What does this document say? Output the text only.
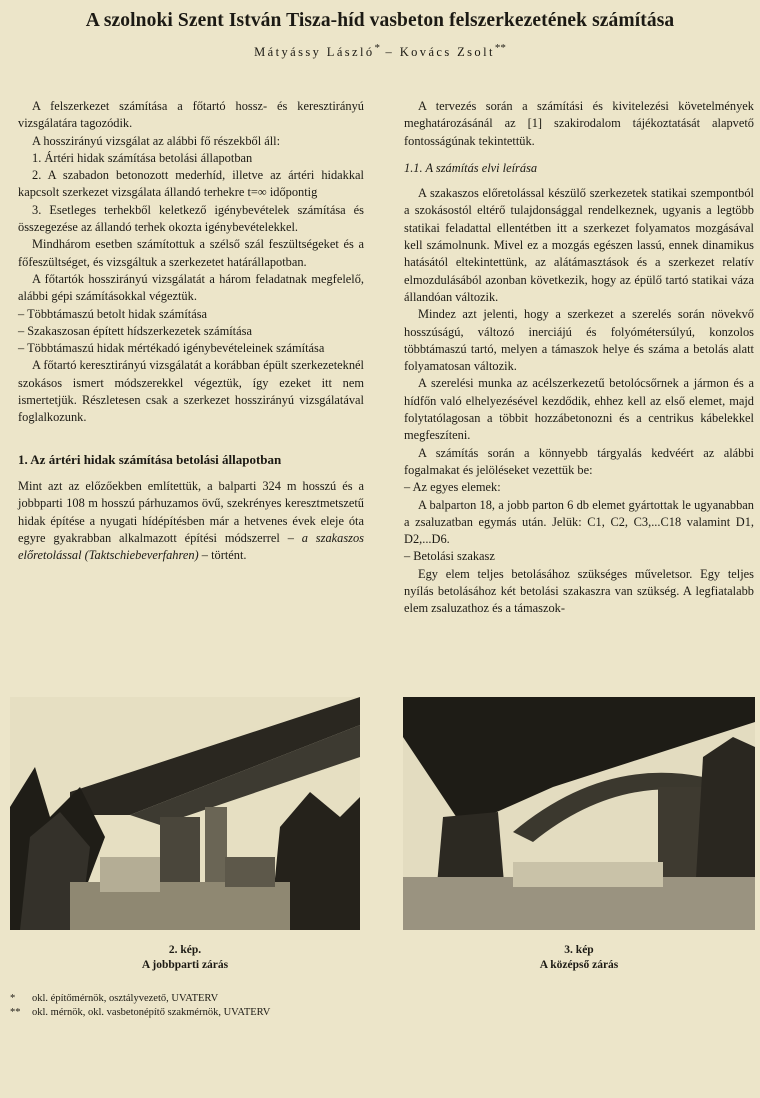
A szolnoki Szent István Tisza-híd vasbeton felszerkezetének számítása
Mátyássy László* – Kovács Zsolt**

A felszerkezet számítása a főtartó hossz- és keresztirányú vizsgálatára tagozódik.

A hosszirányú vizsgálat az alábbi fő részekből áll:

1. Ártéri hidak számítása betolási állapotban

2. A szabadon betonozott mederhíd, illetve az ártéri hidakkal kapcsolt szerkezet vizsgálata állandó terhekre t=∞ időpontig

3. Esetleges terhekből keletkező igénybevételek számítása és összegezése az állandó terhek okozta igénybevételekkel.

Mindhárom esetben számítottuk a szélső szál feszültségeket és a főfeszültséget, és vizsgáltuk a szerkezetet határállapotban.

A főtartók hosszirányú vizsgálatát a három feladatnak megfelelő, alábbi gépi számításokkal végeztük.

– Többtámaszú betolt hidak számítása

– Szakaszosan épített hídszerkezetek számítása

– Többtámaszú hidak mértékadó igénybevételeinek számítása

A főtartó keresztirányú vizsgálatát a korábban épült szerkezeteknél szokásos ismert módszerekkel végeztük, így ezeket itt nem ismertetjük. Részletesen csak a szerkezet hosszirányú vizsgálatával foglalkozunk.

1. Az ártéri hidak számítása betolási állapotban

Mint azt az előzőekben említettük, a balparti 324 m hosszú és a jobbparti 108 m hosszú párhuzamos övű, szekrényes keresztmetszetű hidak építése a nyugati hídépítésben már a hetvenes évek eleje óta egyre gyakrabban alkalmazott építési módszerrel – a szakaszos előretolással (Taktschiebeverfahren) – történt.

A tervezés során a számítási és kivitelezési követelmények meghatározásánál az [1] szakirodalom tájékoztatását alapvető fontosságúnak tekintettük.

1.1. A számítás elvi leírása

A szakaszos előretolással készülő szerkezetek statikai szempontból a szokásostól eltérő tulajdonsággal rendelkeznek, ugyanis a legtöbb statikai feladattal ellentétben itt a szerkezet folyamatos mozgásával kell számolnunk. Mivel ez a mozgás egészen lassú, ennek dinamikus hatásától eltekintettünk, az alátámasztások és a szerkezet relatív elmozdulásából azonban következik, hogy az épülő tartó statikai váza állandóan változik.

Mindez azt jelenti, hogy a szerkezet a szerelés során növekvő hosszúságú, változó inerciájú és folyómétersúlyú, konzolos többtámaszú tartó, melyen a támaszok helye és száma a betolás alatt folyamatosan változik.

A szerelési munka az acélszerkezetű betolócsőrnek a jármon és a hídfőn való elhelyezésével kezdődik, ehhez kell az első elemet, majd folytatólagosan a többit hozzábetonozni és a centrikus kábelekkel megfeszíteni.

A számítás során a könnyebb tárgyalás kedvéért az alábbi fogalmakat és jelöléseket vezettük be:

– Az egyes elemek:

A balparton 18, a jobb parton 6 db elemet gyártottak le ugyanabban a zsaluzatban egymás után. Jelük: C1, C2, C3,...C18 valamint D1, D2,...D6.

– Betolási szakasz

Egy elem teljes betolásához szükséges műveletsor. Egy teljes nyílás betolásához két betolási szakaszra van szükség. A legfiatalabb elem zsaluzathoz és a támaszok-

2. kép.
A jobbparti zárás
3. kép
A középső zárás
* okl. építőmérnök, osztályvezető, UVATERV
** okl. mérnök, okl. vasbetonépítő szakmérnök, UVATERV
